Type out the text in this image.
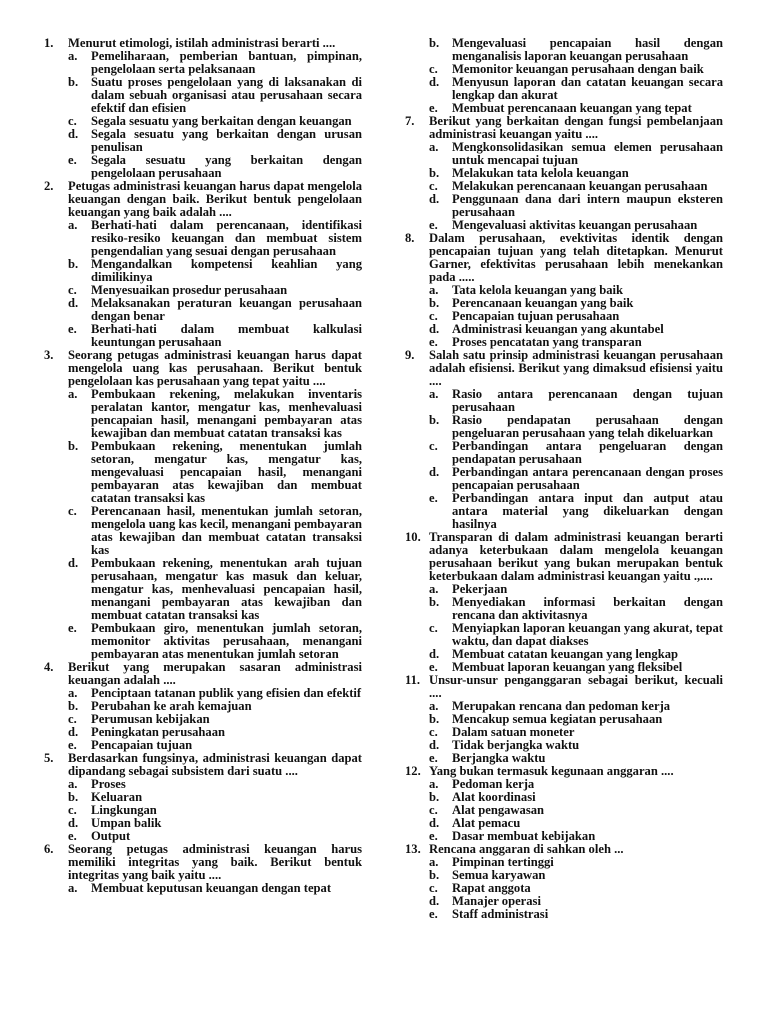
1. Menurut etimologi, istilah administrasi berarti ....
a. Pemeliharaan, pemberian bantuan, pimpinan, pengelolaan serta pelaksanaan
b. Suatu proses pengelolaan yang di laksanakan di dalam sebuah organisasi atau perusahaan secara efektif dan efisien
c. Segala sesuatu yang berkaitan dengan keuangan
d. Segala sesuatu yang berkaitan dengan urusan penulisan
e. Segala sesuatu yang berkaitan dengan pengelolaan perusahaan
2. Petugas administrasi keuangan harus dapat mengelola keuangan dengan baik. Berikut bentuk pengelolaan keuangan yang baik adalah ....
a. Berhati-hati dalam perencanaan, identifikasi resiko-resiko keuangan dan membuat sistem pengendalian yang sesuai dengan perusahaan
b. Mengandalkan kompetensi keahlian yang dimilikinya
c. Menyesuaikan prosedur perusahaan
d. Melaksanakan peraturan keuangan perusahaan dengan benar
e. Berhati-hati dalam membuat kalkulasi keuntungan perusahaan
3. Seorang petugas administrasi keuangan harus dapat mengelola uang kas perusahaan. Berikut bentuk pengelolaan kas perusahaan yang tepat yaitu ....
a. Pembukaan rekening, melakukan inventaris peralatan kantor, mengatur kas, menhevaluasi pencapaian hasil, menangani pembayaran atas kewajiban dan membuat catatan transaksi kas
b. Pembukaan rekening, menentukan jumlah setoran, mengatur kas, mengatur kas, mengevaluasi pencapaian hasil, menangani pembayaran atas kewajiban dan membuat catatan transaksi kas
c. Perencanaan hasil, menentukan jumlah setoran, mengelola uang kas kecil, menangani pembayaran atas kewajiban dan membuat catatan transaksi kas
d. Pembukaan rekening, menentukan arah tujuan perusahaan, mengatur kas masuk dan keluar, mengatur kas, menhevaluasi pencapaian hasil, menangani pembayaran atas kewajiban dan membuat catatan transaksi kas
e. Pembukaan giro, menentukan jumlah setoran, memonitor aktivitas perusahaan, menangani pembayaran atas menentukan jumlah setoran
4. Berikut yang merupakan sasaran administrasi keuangan adalah ....
a. Penciptaan tatanan publik yang efisien dan efektif
b. Perubahan ke arah kemajuan
c. Perumusan kebijakan
d. Peningkatan perusahaan
e. Pencapaian tujuan
5. Berdasarkan fungsinya, administrasi keuangan dapat dipandang sebagai subsistem dari suatu ....
a. Proses
b. Keluaran
c. Lingkungan
d. Umpan balik
e. Output
6. Seorang petugas administrasi keuangan harus memiliki integritas yang baik. Berikut bentuk integritas yang baik yaitu ....
a. Membuat keputusan keuangan dengan tepat
b. Mengevaluasi pencapaian hasil dengan menganalisis laporan keuangan perusahaan
c. Memonitor keuangan perusahaan dengan baik
d. Menyusun laporan dan catatan keuangan secara lengkap dan akurat
e. Membuat perencanaan keuangan yang tepat
7. Berikut yang berkaitan dengan fungsi pembelanjaan administrasi keuangan yaitu ....
a. Mengkonsolidasikan semua elemen perusahaan untuk mencapai tujuan
b. Melakukan tata kelola keuangan
c. Melakukan perencanaan keuangan perusahaan
d. Penggunaan dana dari intern maupun eksteren perusahaan
e. Mengevaluasi aktivitas keuangan perusahaan
8. Dalam perusahaan, evektivitas identik dengan pencapaian tujuan yang telah ditetapkan. Menurut Garner, efektivitas perusahaan lebih menekankan pada .....
a. Tata kelola keuangan yang baik
b. Perencanaan keuangan yang baik
c. Pencapaian tujuan perusahaan
d. Administrasi keuangan yang akuntabel
e. Proses pencatatan yang transparan
9. Salah satu prinsip administrasi keuangan perusahaan adalah efisiensi. Berikut yang dimaksud efisiensi yaitu ....
a. Rasio antara perencanaan dengan tujuan perusahaan
b. Rasio pendapatan perusahaan dengan pengeluaran perusahaan yang telah dikeluarkan
c. Perbandingan antara pengeluaran dengan pendapatan perusahaan
d. Perbandingan antara perencanaan dengan proses pencapaian perusahaan
e. Perbandingan antara input dan autput atau antara material yang dikeluarkan dengan hasilnya
10. Transparan di dalam administrasi keuangan berarti adanya keterbukaan dalam mengelola keuangan perusahaan berikut yang bukan merupakan bentuk keterbukaan dalam administrasi keuangan yaitu .,....
a. Pekerjaan
b. Menyediakan informasi berkaitan dengan rencana dan aktivitasnya
c. Menyiapkan laporan keuangan yang akurat, tepat waktu, dan dapat diakses
d. Membuat catatan keuangan yang lengkap
e. Membuat laporan keuangan yang fleksibel
11. Unsur-unsur penganggaran sebagai berikut, kecuali ....
a. Merupakan rencana dan pedoman kerja
b. Mencakup semua kegiatan perusahaan
c. Dalam satuan moneter
d. Tidak berjangka waktu
e. Berjangka waktu
12. Yang bukan termasuk kegunaan anggaran ....
a. Pedoman kerja
b. Alat koordinasi
c. Alat pengawasan
d. Alat pemacu
e. Dasar membuat kebijakan
13. Rencana anggaran di sahkan oleh ...
a. Pimpinan tertinggi
b. Semua karyawan
c. Rapat anggota
d. Manajer operasi
e. Staff administrasi
